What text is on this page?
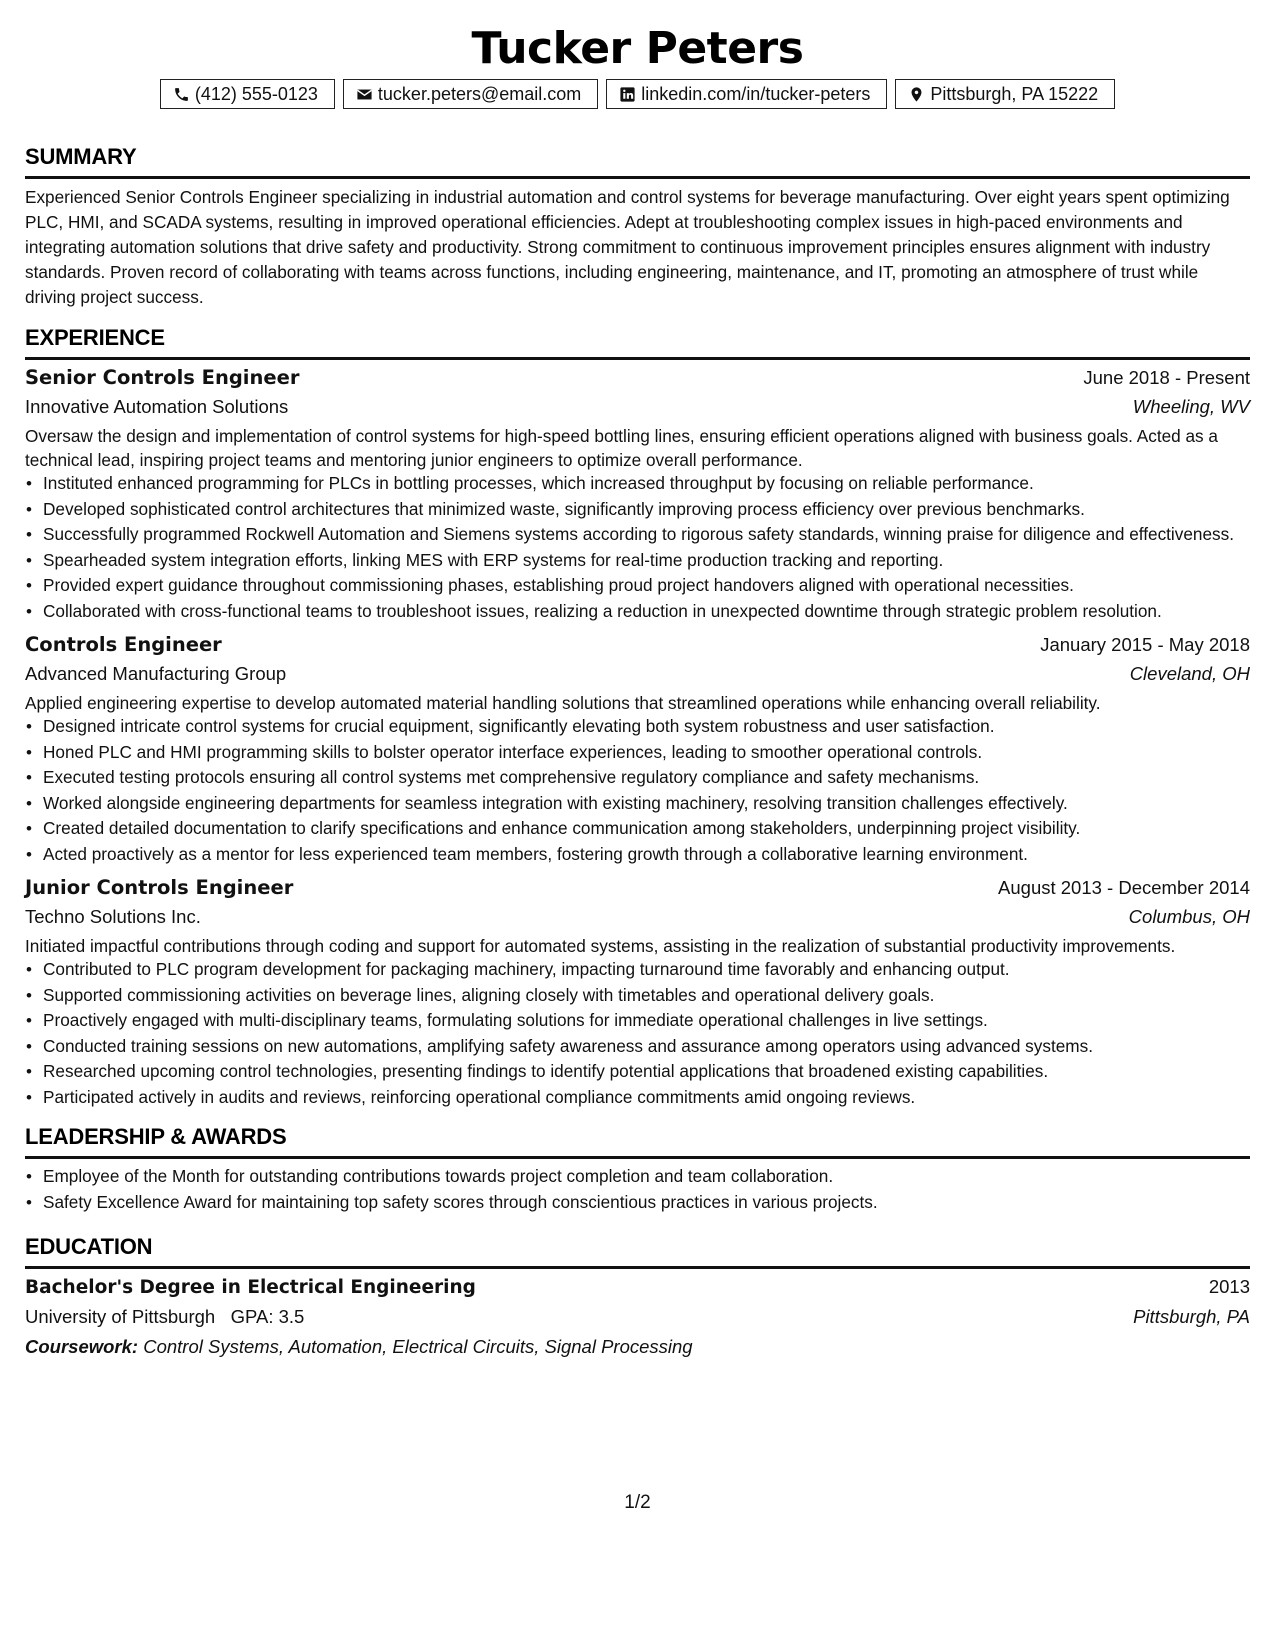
Tucker Peters
(412) 555-0123	tucker.peters@email.com	linkedin.com/in/tucker-peters	Pittsburgh, PA 15222
SUMMARY

Experienced Senior Controls Engineer specializing in industrial automation and control systems for beverage manufacturing. Over eight years spent optimizing PLC, HMI, and SCADA systems, resulting in improved operational efficiencies. Adept at troubleshooting complex issues in high-paced environments and integrating automation solutions that drive safety and productivity. Strong commitment to continuous improvement principles ensures alignment with industry standards. Proven record of collaborating with teams across functions, including engineering, maintenance, and IT, promoting an atmosphere of trust while driving project success.

EXPERIENCE
Senior Controls Engineer	June 2018 - Present
Innovative Automation Solutions	Wheeling, WV

Oversaw the design and implementation of control systems for high-speed bottling lines, ensuring efficient operations aligned with business goals. Acted as a technical lead, inspiring project teams and mentoring junior engineers to optimize overall performance.

• Instituted enhanced programming for PLCs in bottling processes, which increased throughput by focusing on reliable performance.
• Developed sophisticated control architectures that minimized waste, significantly improving process efficiency over previous benchmarks.
• Successfully programmed Rockwell Automation and Siemens systems according to rigorous safety standards, winning praise for diligence and effectiveness.
• Spearheaded system integration efforts, linking MES with ERP systems for real-time production tracking and reporting.
• Provided expert guidance throughout commissioning phases, establishing proud project handovers aligned with operational necessities.
• Collaborated with cross-functional teams to troubleshoot issues, realizing a reduction in unexpected downtime through strategic problem resolution.
Controls Engineer	January 2015 - May 2018
Advanced Manufacturing Group	Cleveland, OH

Applied engineering expertise to develop automated material handling solutions that streamlined operations while enhancing overall reliability.

• Designed intricate control systems for crucial equipment, significantly elevating both system robustness and user satisfaction.
• Honed PLC and HMI programming skills to bolster operator interface experiences, leading to smoother operational controls.
• Executed testing protocols ensuring all control systems met comprehensive regulatory compliance and safety mechanisms.
• Worked alongside engineering departments for seamless integration with existing machinery, resolving transition challenges effectively.
• Created detailed documentation to clarify specifications and enhance communication among stakeholders, underpinning project visibility.
• Acted proactively as a mentor for less experienced team members, fostering growth through a collaborative learning environment.
Junior Controls Engineer	August 2013 - December 2014
Techno Solutions Inc.	Columbus, OH

Initiated impactful contributions through coding and support for automated systems, assisting in the realization of substantial productivity improvements.

• Contributed to PLC program development for packaging machinery, impacting turnaround time favorably and enhancing output.
• Supported commissioning activities on beverage lines, aligning closely with timetables and operational delivery goals.
• Proactively engaged with multi-disciplinary teams, formulating solutions for immediate operational challenges in live settings.
• Conducted training sessions on new automations, amplifying safety awareness and assurance among operators using advanced systems.
• Researched upcoming control technologies, presenting findings to identify potential applications that broadened existing capabilities.
• Participated actively in audits and reviews, reinforcing operational compliance commitments amid ongoing reviews.
LEADERSHIP & AWARDS
• Employee of the Month for outstanding contributions towards project completion and team collaboration.
• Safety Excellence Award for maintaining top safety scores through conscientious practices in various projects.
EDUCATION
Bachelor's Degree in Electrical Engineering	2013
University of Pittsburgh GPA: 3.5	Pittsburgh, PA
Coursework: Control Systems, Automation, Electrical Circuits, Signal Processing
1/2
